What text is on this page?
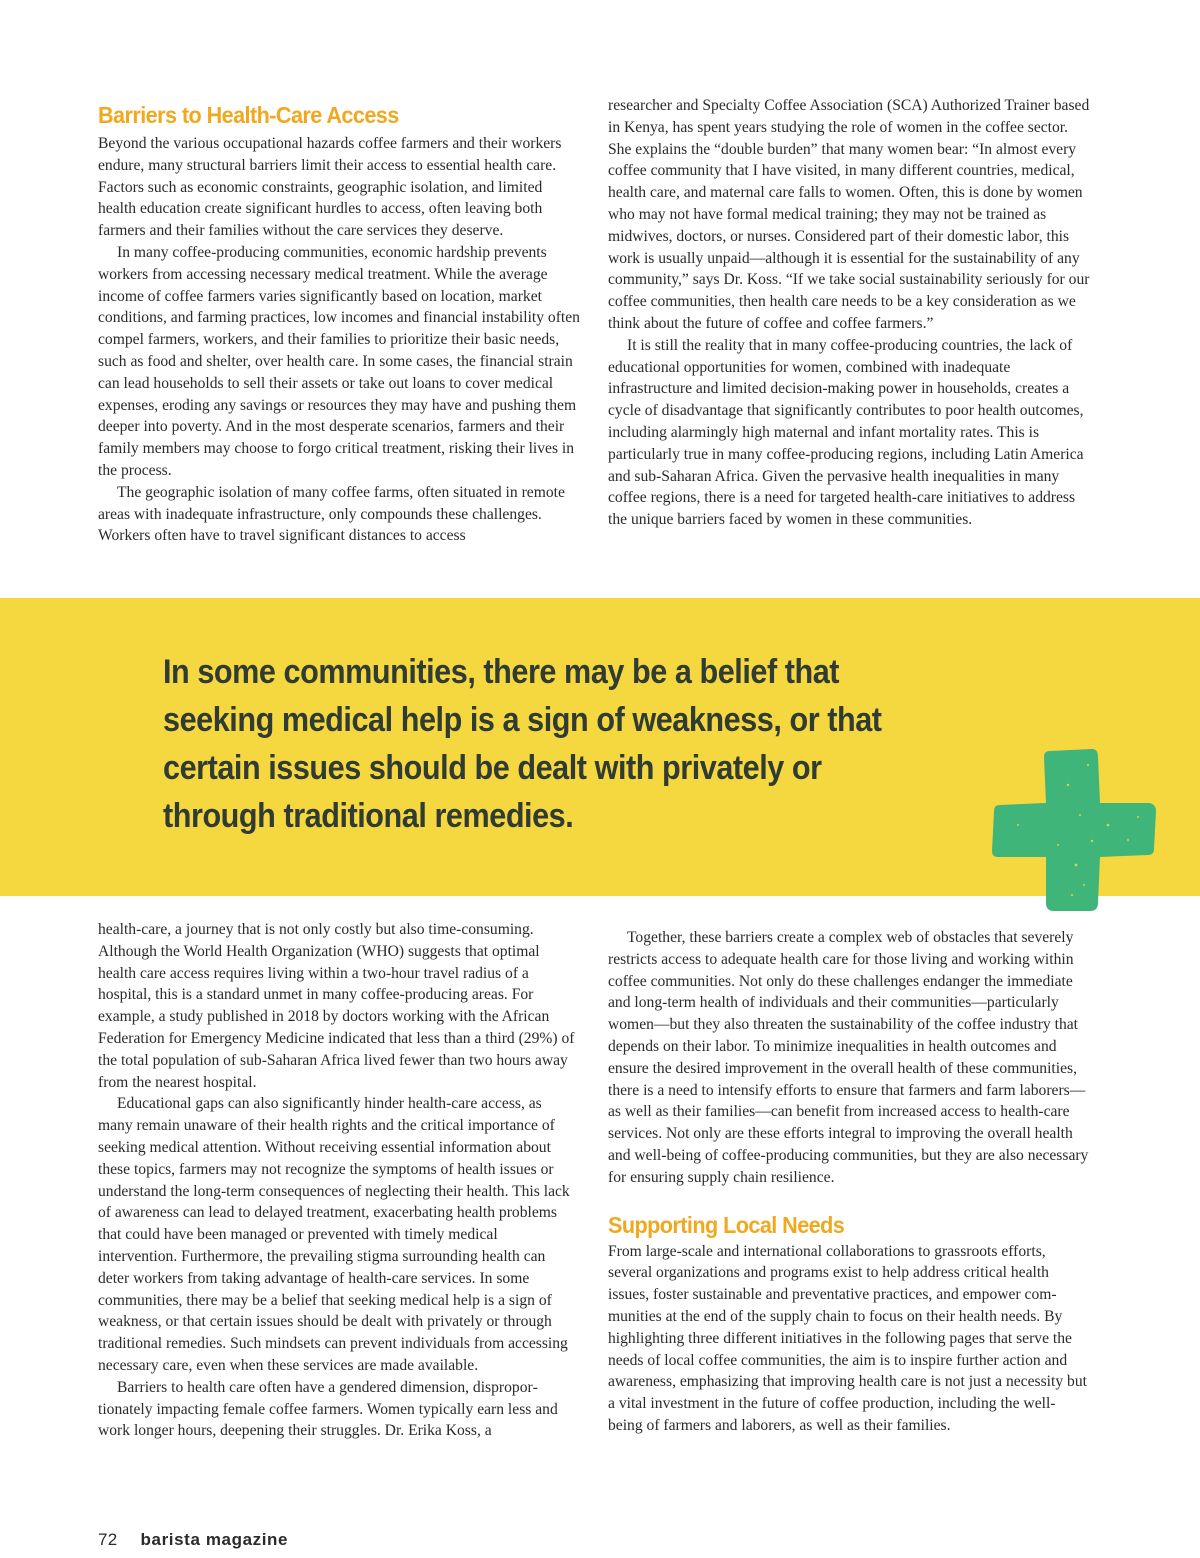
Barriers to Health-Care Access

Beyond the various occupational hazards coffee farmers and their workers endure, many structural barriers limit their access to essential health care. Factors such as economic constraints, geographic isolation, and limited health education create significant hurdles to access, often leaving both farmers and their families without the care services they deserve.

In many coffee-producing communities, economic hardship prevents workers from accessing necessary medical treatment. While the average income of coffee farmers varies significantly based on location, market conditions, and farming practices, low incomes and financial instability often compel farmers, workers, and their families to prioritize their basic needs, such as food and shelter, over health care. In some cases, the financial strain can lead households to sell their assets or take out loans to cover medical expenses, eroding any savings or resources they may have and pushing them deeper into poverty. And in the most desperate scenarios, farmers and their family members may choose to forgo critical treatment, risking their lives in the process.

The geographic isolation of many coffee farms, often situated in remote areas with inadequate infrastructure, only compounds these challenges. Workers often have to travel significant distances to access

researcher and Specialty Coffee Association (SCA) Authorized Trainer based in Kenya, has spent years studying the role of women in the coffee sector. She explains the “double burden” that many women bear: “In almost every coffee community that I have visited, in many different countries, medical, health care, and maternal care falls to women. Often, this is done by women who may not have formal medical training; they may not be trained as midwives, doctors, or nurses. Considered part of their domestic labor, this work is usually unpaid—although it is essential for the sustainability of any community,” says Dr. Koss. “If we take social sustainability seriously for our coffee communities, then health care needs to be a key consideration as we think about the future of coffee and coffee farmers.”

It is still the reality that in many coffee-producing countries, the lack of educational opportunities for women, combined with inadequate infrastructure and limited decision-making power in households, creates a cycle of disadvantage that significantly contributes to poor health outcomes, including alarmingly high maternal and infant mortality rates. This is particularly true in many coffee-producing regions, including Latin America and sub-Saharan Africa. Given the pervasive health inequalities in many coffee regions, there is a need for targeted health-care initiatives to address the unique barriers faced by women in these communities.

In some communities, there may be a belief that seeking medical help is a sign of weakness, or that certain issues should be dealt with privately or through traditional remedies.

health-care, a journey that is not only costly but also time-consuming. Although the World Health Organization (WHO) suggests that optimal health care access requires living within a two-hour travel radius of a hospital, this is a standard unmet in many coffee-producing areas. For example, a study published in 2018 by doctors working with the African Federation for Emergency Medicine indicated that less than a third (29%) of the total population of sub-Saharan Africa lived fewer than two hours away from the nearest hospital.

Educational gaps can also significantly hinder health-care access, as many remain unaware of their health rights and the critical importance of seeking medical attention. Without receiving essential information about these topics, farmers may not recognize the symptoms of health issues or understand the long-term consequences of neglecting their health. This lack of awareness can lead to delayed treatment, exacerbating health problems that could have been managed or prevented with timely medical intervention. Furthermore, the prevailing stigma surrounding health can deter workers from taking advantage of health-care services. In some communities, there may be a belief that seeking medical help is a sign of weakness, or that certain issues should be dealt with privately or through traditional remedies. Such mindsets can prevent individuals from accessing necessary care, even when these services are made available.

Barriers to health care often have a gendered dimension, disproportionately impacting female coffee farmers. Women typically earn less and work longer hours, deepening their struggles. Dr. Erika Koss, a

Together, these barriers create a complex web of obstacles that severely restricts access to adequate health care for those living and working within coffee communities. Not only do these challenges endanger the immediate and long-term health of individuals and their communities—particularly women—but they also threaten the sustainability of the coffee industry that depends on their labor. To minimize inequalities in health outcomes and ensure the desired improvement in the overall health of these communities, there is a need to intensify efforts to ensure that farmers and farm laborers—as well as their families—can benefit from increased access to health-care services. Not only are these efforts integral to improving the overall health and well-being of coffee-producing communities, but they are also necessary for ensuring supply chain resilience.

Supporting Local Needs

From large-scale and international collaborations to grassroots efforts, several organizations and programs exist to help address critical health issues, foster sustainable and preventative practices, and empower communities at the end of the supply chain to focus on their health needs. By highlighting three different initiatives in the following pages that serve the needs of local coffee communities, the aim is to inspire further action and awareness, emphasizing that improving health care is not just a necessity but a vital investment in the future of coffee production, including the well-being of farmers and laborers, as well as their families.

72 barista magazine
